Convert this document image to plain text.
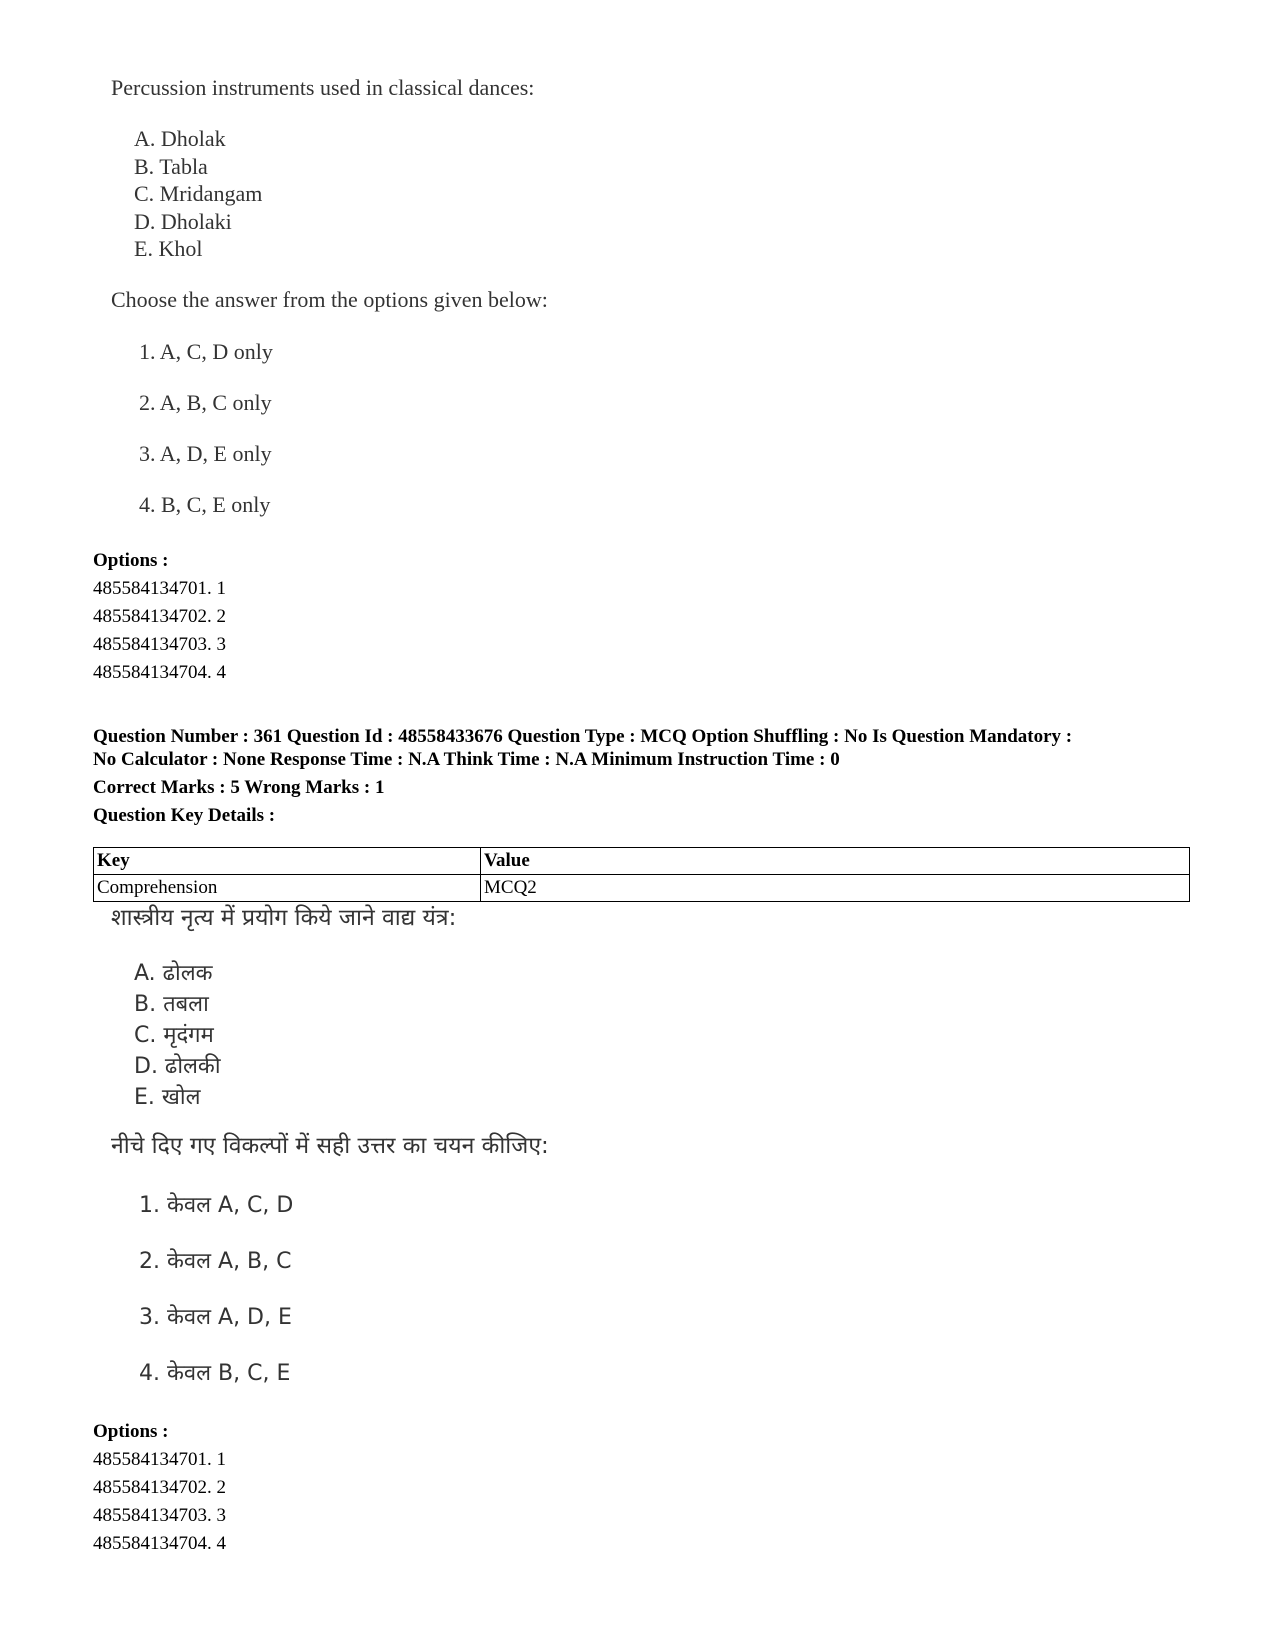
Percussion instruments used in classical dances:

A. Dholak
B. Tabla
C. Mridangam
D. Dholaki
E. Khol

Choose the answer from the options given below:

1. A, C, D only
2. A, B, C only
3. A, D, E only
4. B, C, E only
Options :
485584134701. 1
485584134702. 2
485584134703. 3
485584134704. 4
Question Number : 361 Question Id : 48558433676 Question Type : MCQ Option Shuffling : No Is Question Mandatory :
No Calculator : None Response Time : N.A Think Time : N.A Minimum Instruction Time : 0
Correct Marks : 5 Wrong Marks : 1
Question Key Details :
Key	Value
Comprehension	MCQ2

शास्त्रीय नृत्य में प्रयोग किये जाने वाद्य यंत्र:

A. ढोलक
B. तबला
C. मृदंगम
D. ढोलकी
E. खोल

नीचे दिए गए विकल्पों में सही उत्तर का चयन कीजिए:

1. केवल A, C, D
2. केवल A, B, C
3. केवल A, D, E
4. केवल B, C, E
Options :
485584134701. 1
485584134702. 2
485584134703. 3
485584134704. 4
